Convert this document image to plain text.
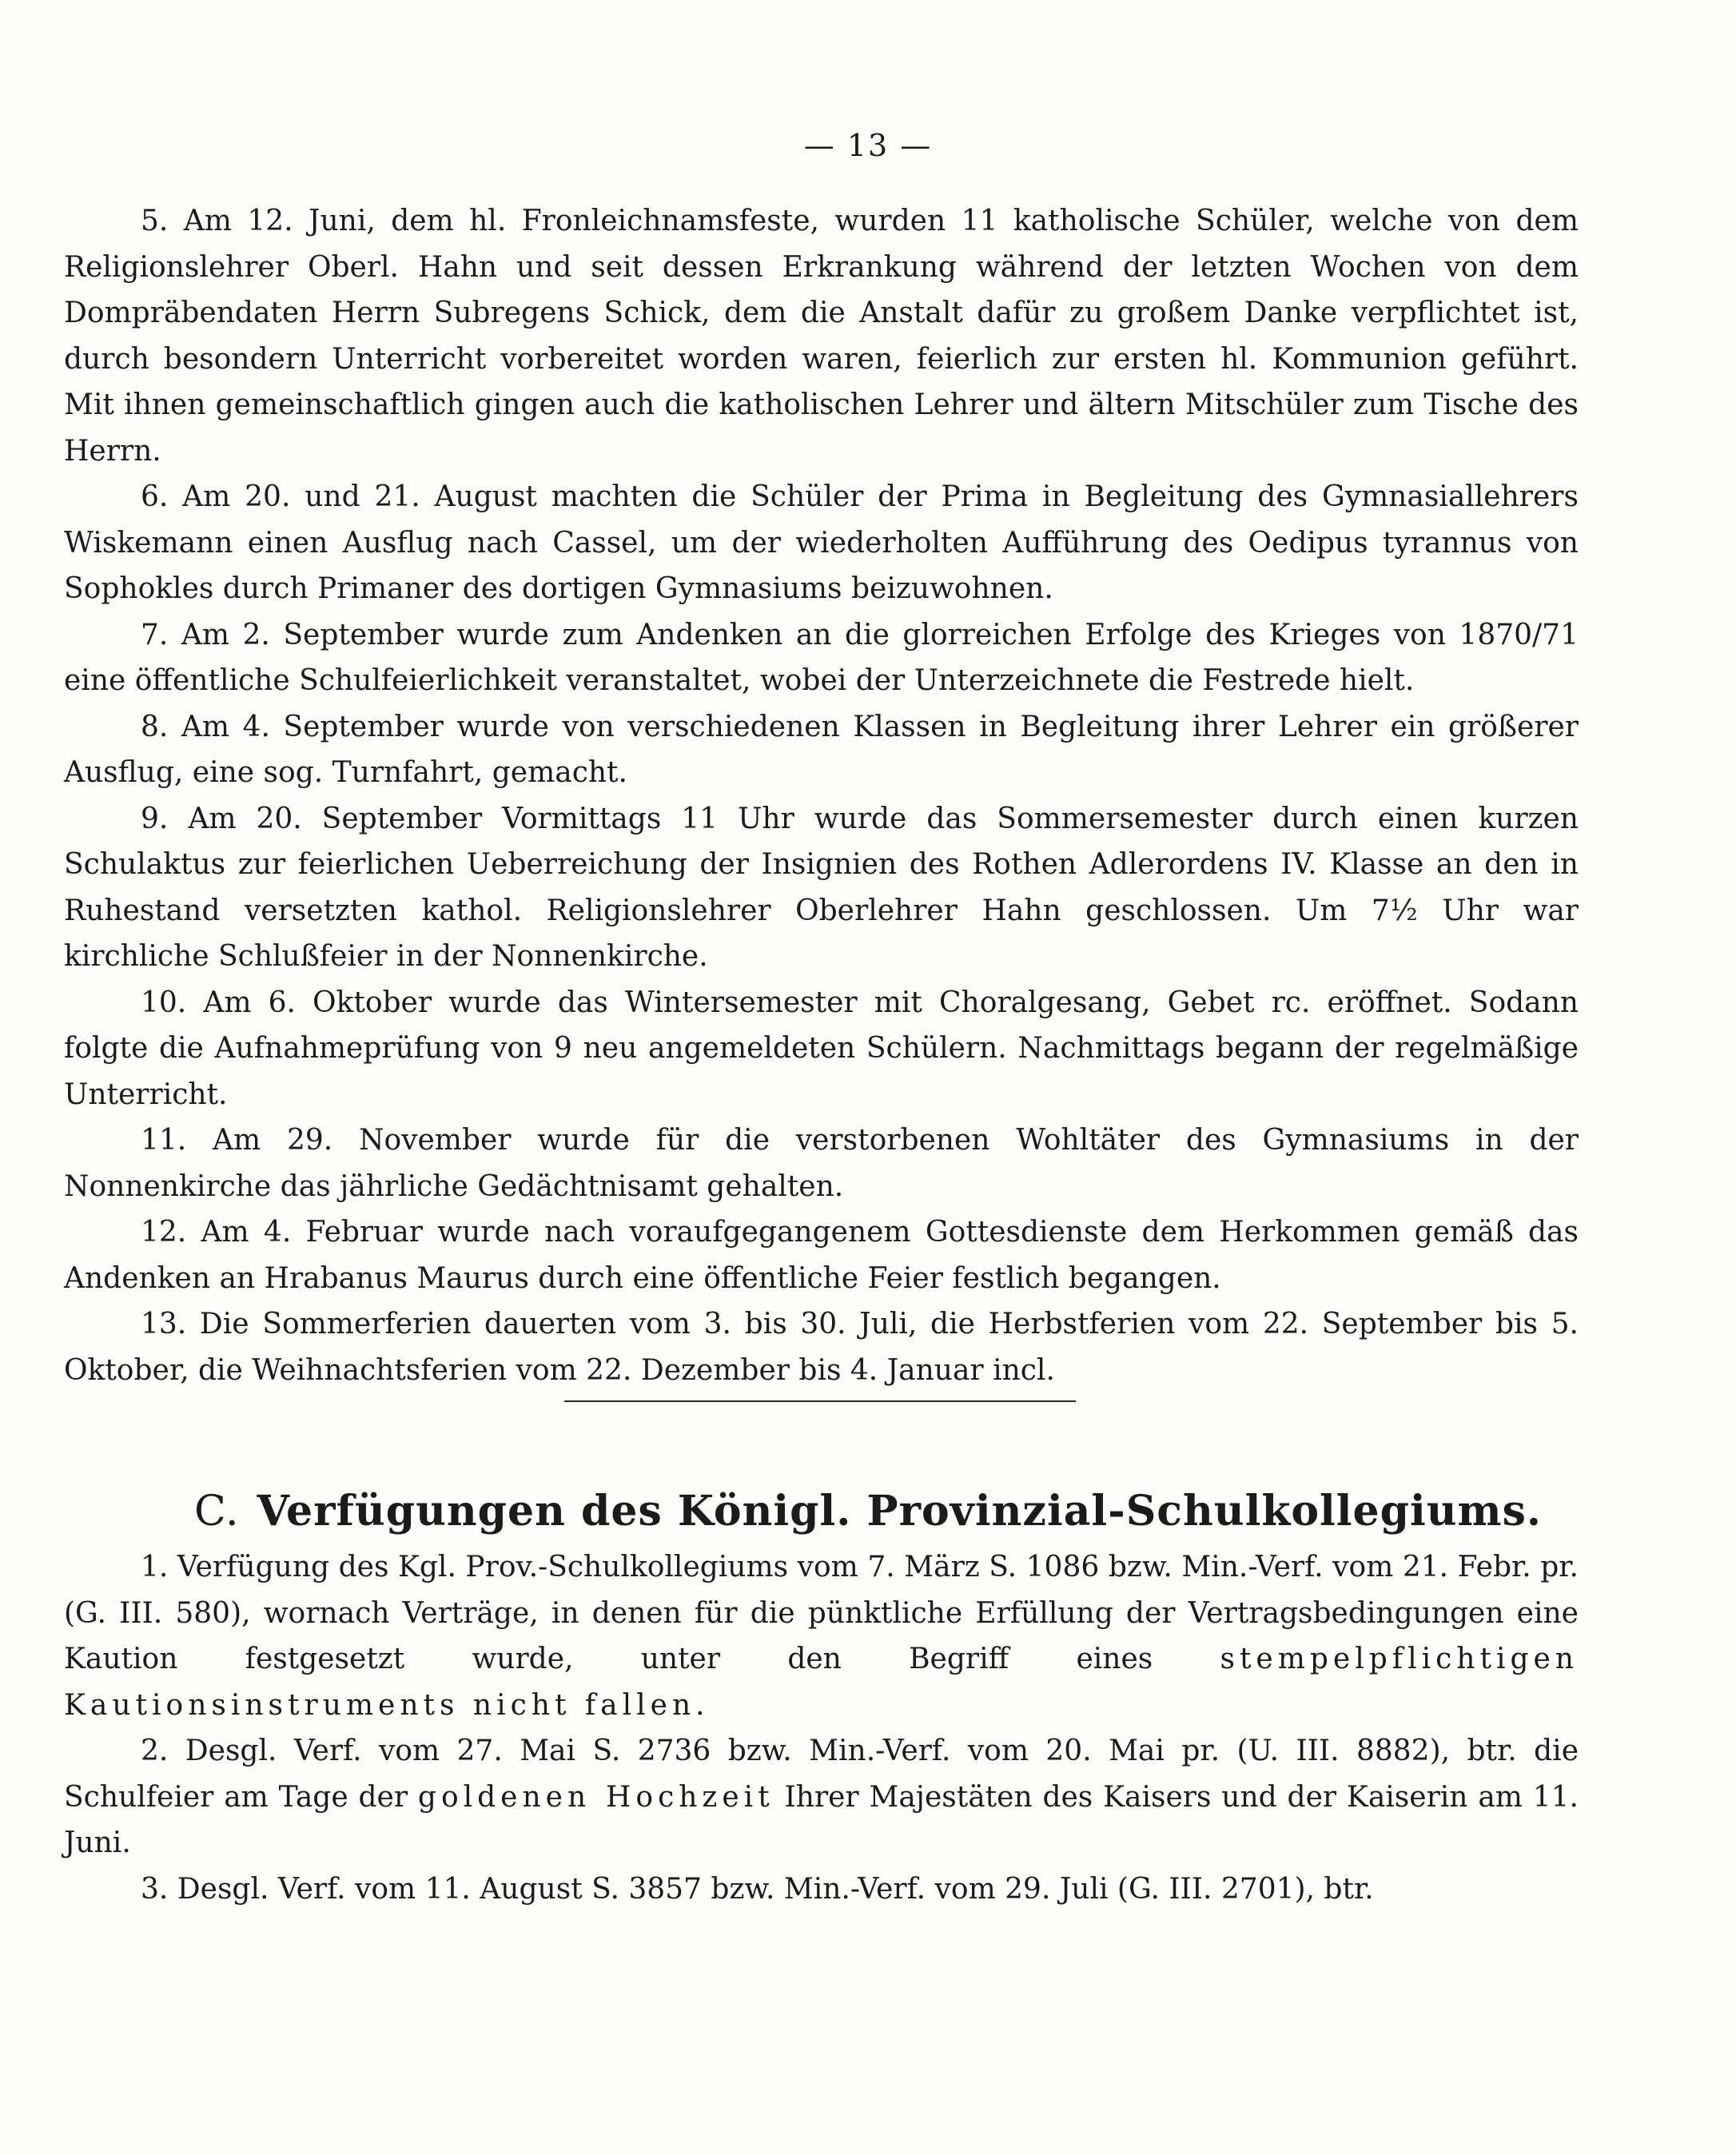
— 13 —

5. Am 12. Juni, dem hl. Fronleichnamsfeste, wurden 11 katholische Schüler, welche von dem Religionslehrer Oberl. Hahn und seit dessen Erkrankung während der letzten Wochen von dem Dompräbendaten Herrn Subregens Schick, dem die Anstalt dafür zu großem Danke verpflichtet ist, durch besondern Unterricht vorbereitet worden waren, feierlich zur ersten hl. Kommunion geführt. Mit ihnen gemeinschaftlich gingen auch die katholischen Lehrer und ältern Mitschüler zum Tische des Herrn.

6. Am 20. und 21. August machten die Schüler der Prima in Begleitung des Gymnasiallehrers Wiskemann einen Ausflug nach Cassel, um der wiederholten Aufführung des Oedipus tyrannus von Sophokles durch Primaner des dortigen Gymnasiums beizuwohnen.

7. Am 2. September wurde zum Andenken an die glorreichen Erfolge des Krieges von 1870/71 eine öffentliche Schulfeierlichkeit veranstaltet, wobei der Unterzeichnete die Festrede hielt.

8. Am 4. September wurde von verschiedenen Klassen in Begleitung ihrer Lehrer ein größerer Ausflug, eine sog. Turnfahrt, gemacht.

9. Am 20. September Vormittags 11 Uhr wurde das Sommersemester durch einen kurzen Schulaktus zur feierlichen Ueberreichung der Insignien des Rothen Adlerordens IV. Klasse an den in Ruhestand versetzten kathol. Religionslehrer Oberlehrer Hahn geschlossen. Um 7½ Uhr war kirchliche Schlußfeier in der Nonnenkirche.

10. Am 6. Oktober wurde das Wintersemester mit Choralgesang, Gebet rc. eröffnet. Sodann folgte die Aufnahmeprüfung von 9 neu angemeldeten Schülern. Nachmittags begann der regelmäßige Unterricht.

11. Am 29. November wurde für die verstorbenen Wohltäter des Gymnasiums in der Nonnenkirche das jährliche Gedächtnisamt gehalten.

12. Am 4. Februar wurde nach voraufgegangenem Gottesdienste dem Herkommen gemäß das Andenken an Hrabanus Maurus durch eine öffentliche Feier festlich begangen.

13. Die Sommerferien dauerten vom 3. bis 30. Juli, die Herbstferien vom 22. September bis 5. Oktober, die Weihnachtsferien vom 22. Dezember bis 4. Januar incl.

C. Verfügungen des Königl. Provinzial-Schulkollegiums.

1. Verfügung des Kgl. Prov.-Schulkollegiums vom 7. März S. 1086 bzw. Min.-Verf. vom 21. Febr. pr. (G. III. 580), wornach Verträge, in denen für die pünktliche Erfüllung der Vertragsbedingungen eine Kaution festgesetzt wurde, unter den Begriff eines stempelpflichtigen Kautionsinstruments nicht fallen.

2. Desgl. Verf. vom 27. Mai S. 2736 bzw. Min.-Verf. vom 20. Mai pr. (U. III. 8882), btr. die Schulfeier am Tage der goldenen Hochzeit Ihrer Majestäten des Kaisers und der Kaiserin am 11. Juni.

3. Desgl. Verf. vom 11. August S. 3857 bzw. Min.-Verf. vom 29. Juli (G. III. 2701), btr.
